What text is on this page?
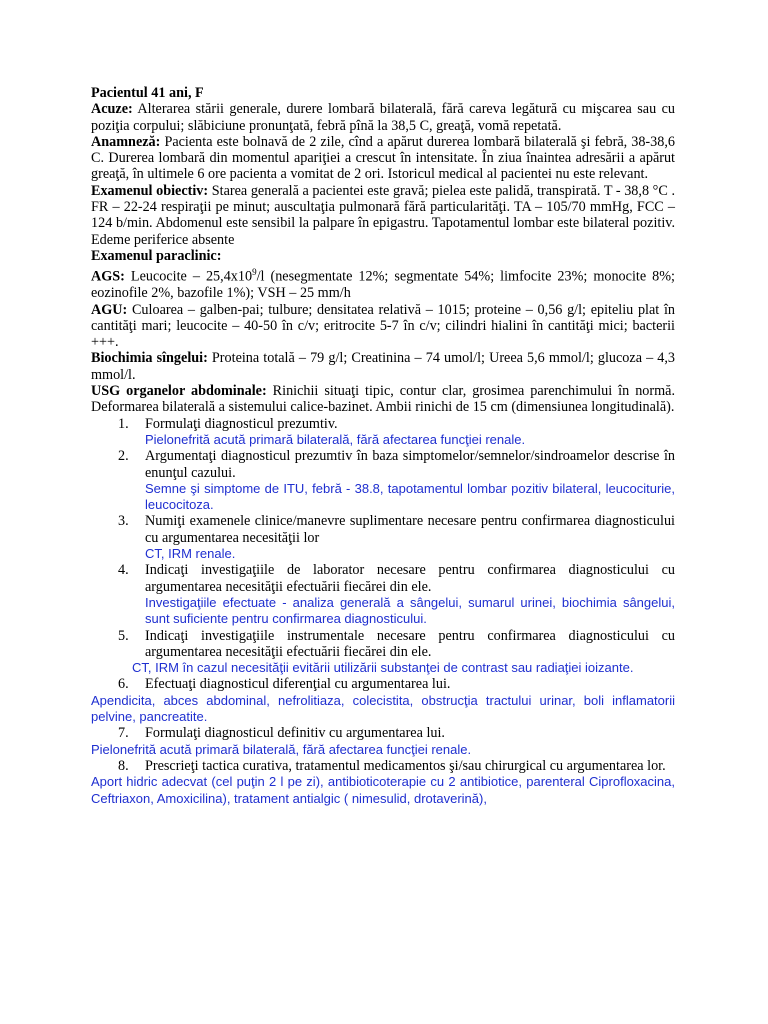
Pacientul 41 ani, F

Acuze: Alterarea stării generale, durere lombară bilaterală, fără careva legătură cu mişcarea sau cu poziţia corpului; slăbiciune pronunţată, febră pînă la 38,5 C, greaţă, vomă repetată.

Anamneză: Pacienta este bolnavă de 2 zile, cînd a apărut durerea lombară bilaterală şi febră, 38-38,6 C. Durerea lombară din momentul apariţiei a crescut în intensitate. În ziua înaintea adresării a apărut greaţă, în ultimele 6 ore pacienta a vomitat de 2 ori. Istoricul medical al pacientei nu este relevant.

Examenul obiectiv: Starea generală a pacientei este gravă; pielea este palidă, transpirată. T - 38,8 °C . FR – 22-24 respiraţii pe minut; auscultaţia pulmonară fără particularităţi. TA – 105/70 mmHg, FCC – 124 b/min. Abdomenul este sensibil la palpare în epigastru. Tapotamentul lombar este bilateral pozitiv. Edeme periferice absente

Examenul paraclinic:

AGS: Leucocite – $25,4x10^9/l$ (nesegmentate 12%; segmentate 54%; limfocite 23%; monocite 8%; eozinofile 2%, bazofile 1%); VSH – 25 mm/h

AGU: Culoarea – galben-pai; tulbure; densitatea relativă – 1015; proteine – 0,56 g/l; epiteliu plat în cantităţi mari; leucocite – 40-50 în c/v; eritrocite 5-7 în c/v; cilindri hialini în cantităţi mici; bacterii +++.

Biochimia sîngelui: Proteina totală – 79 g/l; Creatinina – 74 umol/l; Ureea 5,6 mmol/l; glucoza – 4,3 mmol/l.

USG organelor abdominale: Rinichii situaţi tipic, contur clar, grosimea parenchimului în normă. Deformarea bilaterală a sistemului calice-bazinet. Ambii rinichi de 15 cm (dimensiunea longitudinală).

1. Formulaţi diagnosticul prezumtiv.
Pielonefrită acută primară bilaterală, fără afectarea funcţiei renale.
2. Argumentaţi diagnosticul prezumtiv în baza simptomelor/semnelor/sindroamelor descrise în enunţul cazului.
Semne şi simptome de ITU, febră - 38.8, tapotamentul lombar pozitiv bilateral, leucociturie, leucocitoza.
3. Numiţi examenele clinice/manevre suplimentare necesare pentru confirmarea diagnosticului cu argumentarea necesităţii lor
CT, IRM renale.
4. Indicaţi investigaţiile de laborator necesare pentru confirmarea diagnosticului cu argumentarea necesităţii efectuării fiecărei din ele.
Investigaţiile efectuate - analiza generală a sângelui, sumarul urinei, biochimia sângelui, sunt suficiente pentru confirmarea diagnosticului.
5. Indicaţi investigaţiile instrumentale necesare pentru confirmarea diagnosticului cu argumentarea necesităţii efectuării fiecărei din ele.
CT, IRM în cazul necesităţii evitării utilizării substanţei de contrast sau radiaţiei ioizante.
6. Efectuaţi diagnosticul diferenţial cu argumentarea lui.
Apendicita, abces abdominal, nefrolitiaza, colecistita, obstrucţia tractului urinar, boli inflamatorii pelvine, pancreatite.
7. Formulaţi diagnosticul definitiv cu argumentarea lui.
Pielonefrită acută primară bilaterală, fără afectarea funcţiei renale.
8. Prescrieţi tactica curativa, tratamentul medicamentos şi/sau chirurgical cu argumentarea lor.
Aport hidric adecvat (cel puţin 2 l pe zi), antibioticoterapie cu 2 antibiotice, parenteral Ciprofloxacina, Ceftriaxon, Amoxicilina), tratament antialgic ( nimesulid, drotaverină),
